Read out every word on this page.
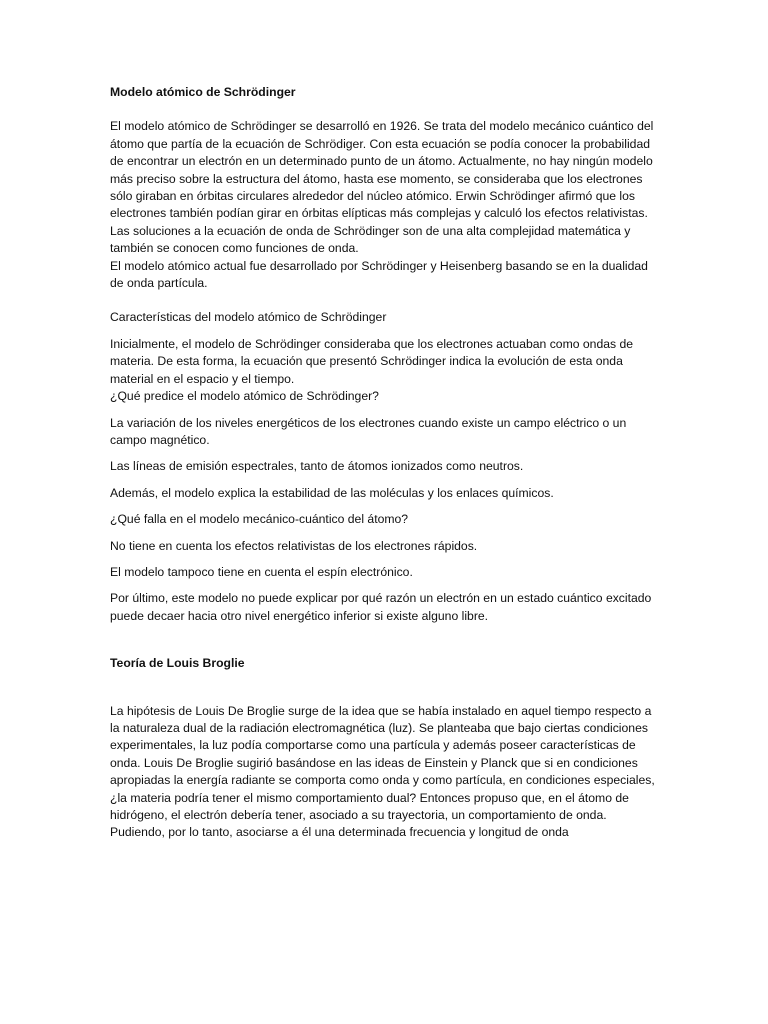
Modelo atómico de Schrödinger

El modelo atómico de Schrödinger se desarrolló en 1926. Se trata del modelo mecánico cuántico del átomo que partía de la ecuación de Schrödiger. Con esta ecuación se podía conocer la probabilidad de encontrar un electrón en un determinado punto de un átomo. Actualmente, no hay ningún modelo más preciso sobre la estructura del átomo, hasta ese momento, se consideraba que los electrones sólo giraban en órbitas circulares alrededor del núcleo atómico. Erwin Schrödinger afirmó que los electrones también podían girar en órbitas elípticas más complejas y calculó los efectos relativistas. Las soluciones a la ecuación de onda de Schrödinger son de una alta complejidad matemática y también se conocen como funciones de onda.

El modelo atómico actual fue desarrollado por Schrödinger y Heisenberg basando se en la dualidad de onda partícula.

Características del modelo atómico de Schrödinger

Inicialmente, el modelo de Schrödinger consideraba que los electrones actuaban como ondas de materia. De esta forma, la ecuación que presentó Schrödinger indica la evolución de esta onda material en el espacio y el tiempo.

¿Qué predice el modelo atómico de Schrödinger?

La variación de los niveles energéticos de los electrones cuando existe un campo eléctrico o un campo magnético.

Las líneas de emisión espectrales, tanto de átomos ionizados como neutros.

Además, el modelo explica la estabilidad de las moléculas y los enlaces químicos.

¿Qué falla en el modelo mecánico-cuántico del átomo?

No tiene en cuenta los efectos relativistas de los electrones rápidos.

El modelo tampoco tiene en cuenta el espín electrónico.

Por último, este modelo no puede explicar por qué razón un electrón en un estado cuántico excitado puede decaer hacia otro nivel energético inferior si existe alguno libre.

Teoría de Louis Broglie

La hipótesis de Louis De Broglie surge de la idea que se había instalado en aquel tiempo respecto a la naturaleza dual de la radiación electromagnética (luz). Se planteaba que bajo ciertas condiciones experimentales, la luz podía comportarse como una partícula y además poseer características de onda. Louis De Broglie sugirió basándose en las ideas de Einstein y Planck que si en condiciones apropiadas la energía radiante se comporta como onda y como partícula, en condiciones especiales, ¿la materia podría tener el mismo comportamiento dual? Entonces propuso que, en el átomo de hidrógeno, el electrón debería tener, asociado a su trayectoria, un comportamiento de onda. Pudiendo, por lo tanto, asociarse a él una determinada frecuencia y longitud de onda
